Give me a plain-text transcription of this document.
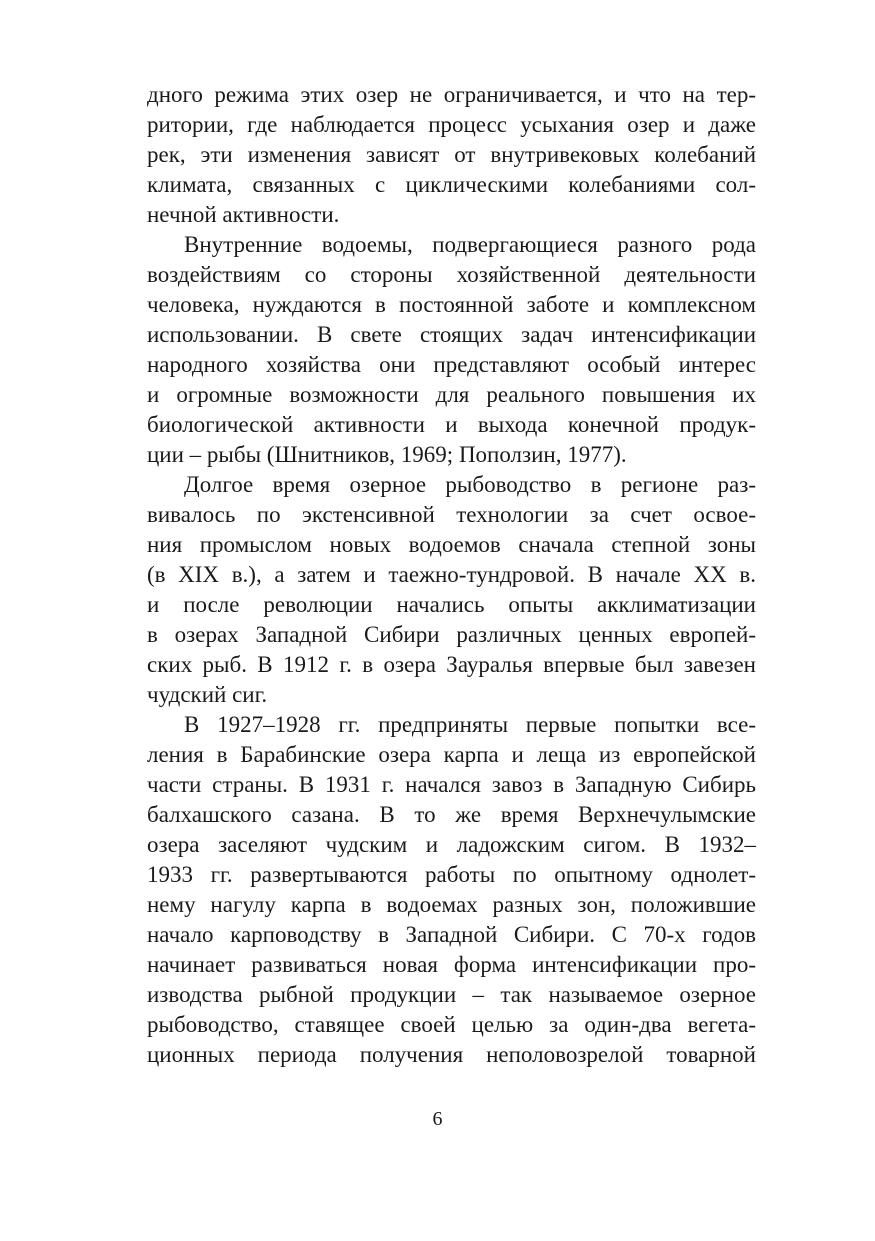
дного режима этих озер не ограничивается, и что на тер-
ритории, где наблюдается процесс усыхания озер и даже
рек, эти изменения зависят от внутривековых колебаний
климата, связанных с циклическими колебаниями сол-
нечной активности.
Внутренние водоемы, подвергающиеся разного рода
воздействиям со стороны хозяйственной деятельности
человека, нуждаются в постоянной заботе и комплексном
использовании. В свете стоящих задач интенсификации
народного хозяйства они представляют особый интерес
и огромные возможности для реального повышения их
биологической активности и выхода конечной продук-
ции – рыбы (Шнитников, 1969; Поползин, 1977).
Долгое время озерное рыбоводство в регионе раз-
вивалось по экстенсивной технологии за счет освое-
ния промыслом новых водоемов сначала степной зоны
(в XIX в.), а затем и таежно-тундровой. В начале XX в.
и после революции начались опыты акклиматизации
в озерах Западной Сибири различных ценных европей-
ских рыб. В 1912 г. в озера Зауралья впервые был завезен
чудский сиг.
В 1927–1928 гг. предприняты первые попытки все-
ления в Барабинские озера карпа и леща из европейской
части страны. В 1931 г. начался завоз в Западную Сибирь
балхашского сазана. В то же время Верхнечулымские
озера заселяют чудским и ладожским сигом. В 1932–
1933 гг. развертываются работы по опытному однолет-
нему нагулу карпа в водоемах разных зон, положившие
начало карповодству в Западной Сибири. С 70-х годов
начинает развиваться новая форма интенсификации про-
изводства рыбной продукции – так называемое озерное
рыбоводство, ставящее своей целью за один-два вегета-
ционных периода получения неполовозрелой товарной
6
